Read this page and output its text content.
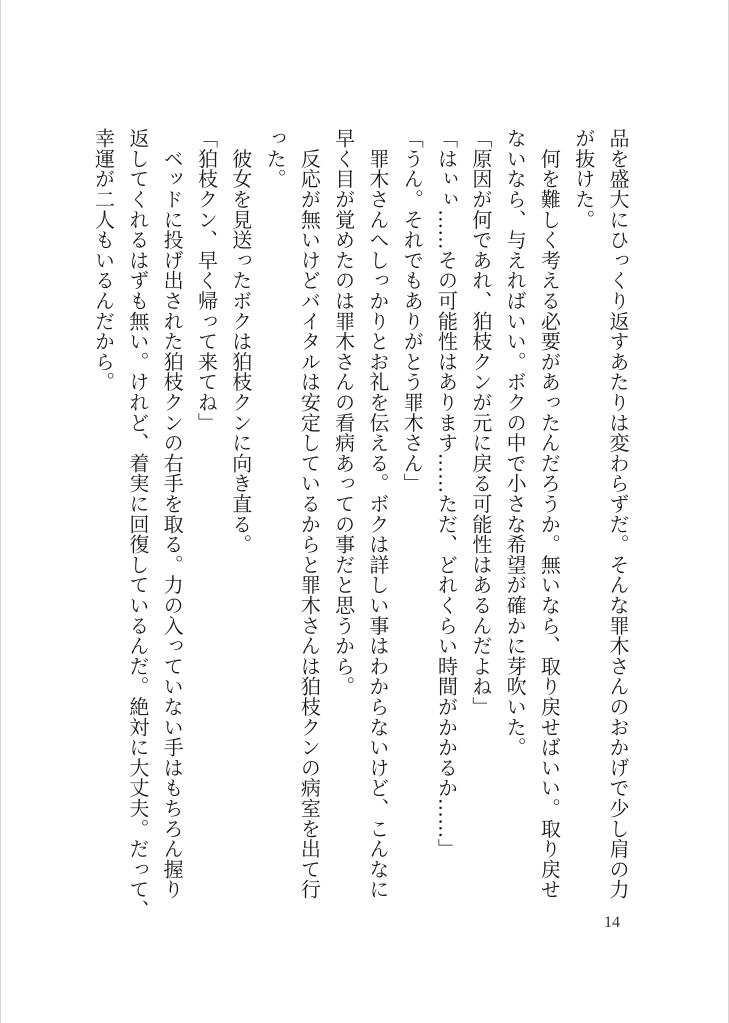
品を盛大にひっくり返すあたりは変わらずだ。そんな罪木さんのおかげで少し肩の力
が抜けた。
　何を難しく考える必要があったんだろうか。無いなら、取り戻せばいい。取り戻せ
ないなら、与えればいい。ボクの中で小さな希望が確かに芽吹いた。
「原因が何であれ、狛枝クンが元に戻る可能性はあるんだよね」
「はぃぃ……その可能性はあります……ただ、どれくらい時間がかかるか……」
「うん。それでもありがとう罪木さん」
　罪木さんへしっかりとお礼を伝える。ボクは詳しい事はわからないけど、こんなに
早く目が覚めたのは罪木さんの看病あっての事だと思うから。
　反応が無いけどバイタルは安定しているからと罪木さんは狛枝クンの病室を出て行
った。
　彼女を見送ったボクは狛枝クンに向き直る。
「狛枝クン、早く帰って来てね」
　ベッドに投げ出された狛枝クンの右手を取る。力の入っていない手はもちろん握り
返してくれるはずも無い。けれど、着実に回復しているんだ。絶対に大丈夫。だって、
幸運が二人もいるんだから。
14
